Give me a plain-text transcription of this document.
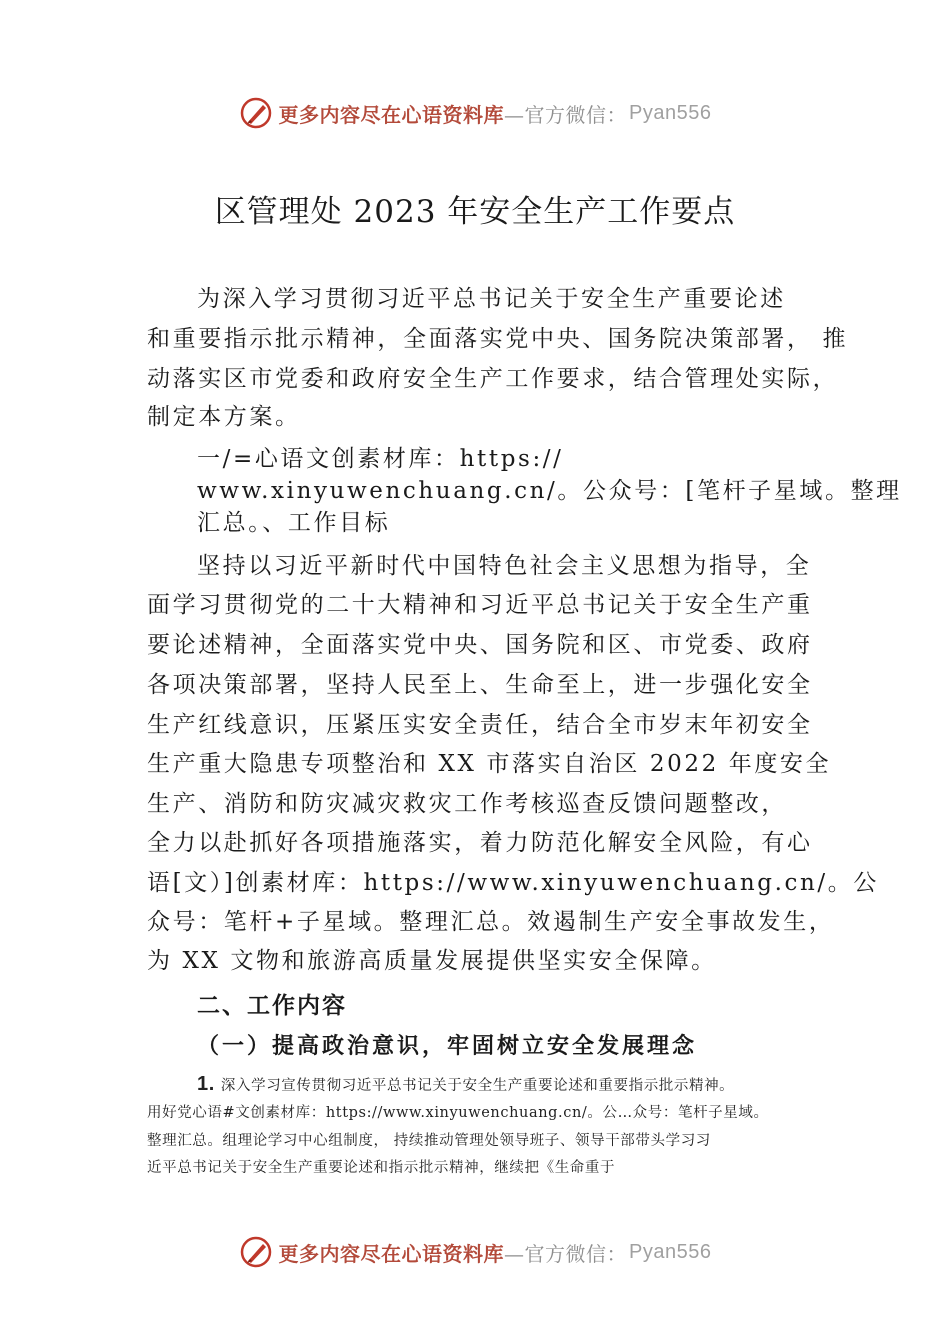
更多内容尽在心语资料库 —官方微信： Pyan556
区管理处 2023 年安全生产工作要点
为深入学习贯彻习近平总书记关于安全生产重要论述
和重要指示批示精神，全面落实党中央、国务院决策部署， 推
动落实区市党委和政府安全生产工作要求，结合管理处实际，
制定本方案。
一/=心语文创素材库：https://
www.xinyuwenchuang.cn/。公众号：[笔杆子星域。整理
汇总。、工作目标
坚持以习近平新时代中国特色社会主义思想为指导，全
面学习贯彻党的二十大精神和习近平总书记关于安全生产重
要论述精神，全面落实党中央、国务院和区、市党委、政府
各项决策部署，坚持人民至上、生命至上，进一步强化安全
生产红线意识，压紧压实安全责任，结合全市岁末年初安全
生产重大隐患专项整治和 XX 市落实自治区 2022 年度安全
生产、消防和防灾减灾救灾工作考核巡查反馈问题整改，
全力以赴抓好各项措施落实，着力防范化解安全风险，有心
语[文）]创素材库：https://www.xinyuwenchuang.cn/。公
众号：笔杆+子星域。整理汇总。效遏制生产安全事故发生，
为 XX 文物和旅游高质量发展提供坚实安全保障。
二、工作内容
（一）提高政治意识，牢固树立安全发展理念
1. 深入学习宣传贯彻习近平总书记关于安全生产重要论述和重要指示批示精神。
用好党心语#文创素材库：https://www.xinyuwenchuang.cn/。公…众号：笔杆子星域。
整理汇总。组理论学习中心组制度， 持续推动管理处领导班子、领导干部带头学习习
近平总书记关于安全生产重要论述和指示批示精神，继续把《生命重于
更多内容尽在心语资料库 —官方微信： Pyan556
